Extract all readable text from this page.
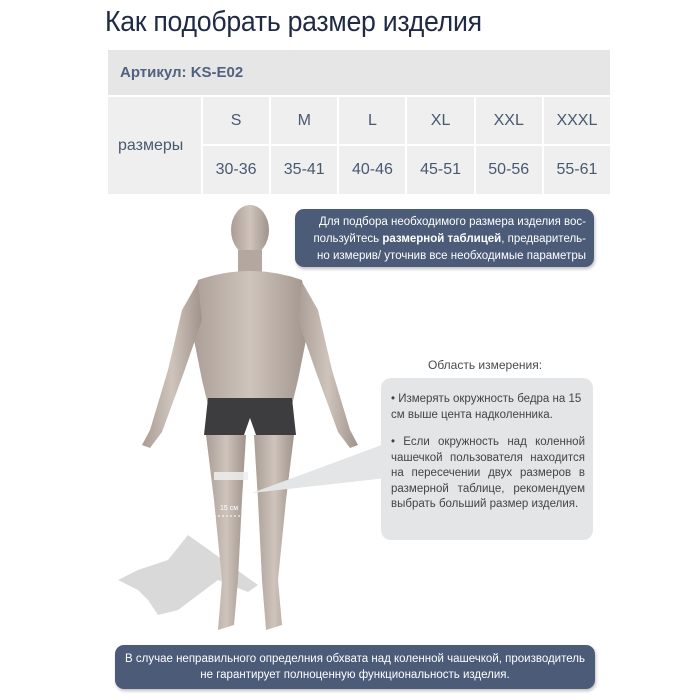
Как подобрать размер изделия
Артикул: KS-E02
размеры
S	M	L	XL	XXL	XXXL
30-36	35-41	40-46	45-51	50-56	55-61
15 см
Для подбора необходимого размера изделия вос-пользуйтесь размерной таблицей, предваритель-но измерив/ уточнив все необходимые параметры
Область измерения:

• Измерять окружность бедра на 15 см выше цента надколенника.

• Если окружность над коленной чашечкой пользователя находится на пересечении двух размеров в размерной таблице, рекомендуем выбрать больший размер изделия.

В случае неправильного определния обхвата над коленной чашечкой, производитель не гарантирует полноценную функциональность изделия.
